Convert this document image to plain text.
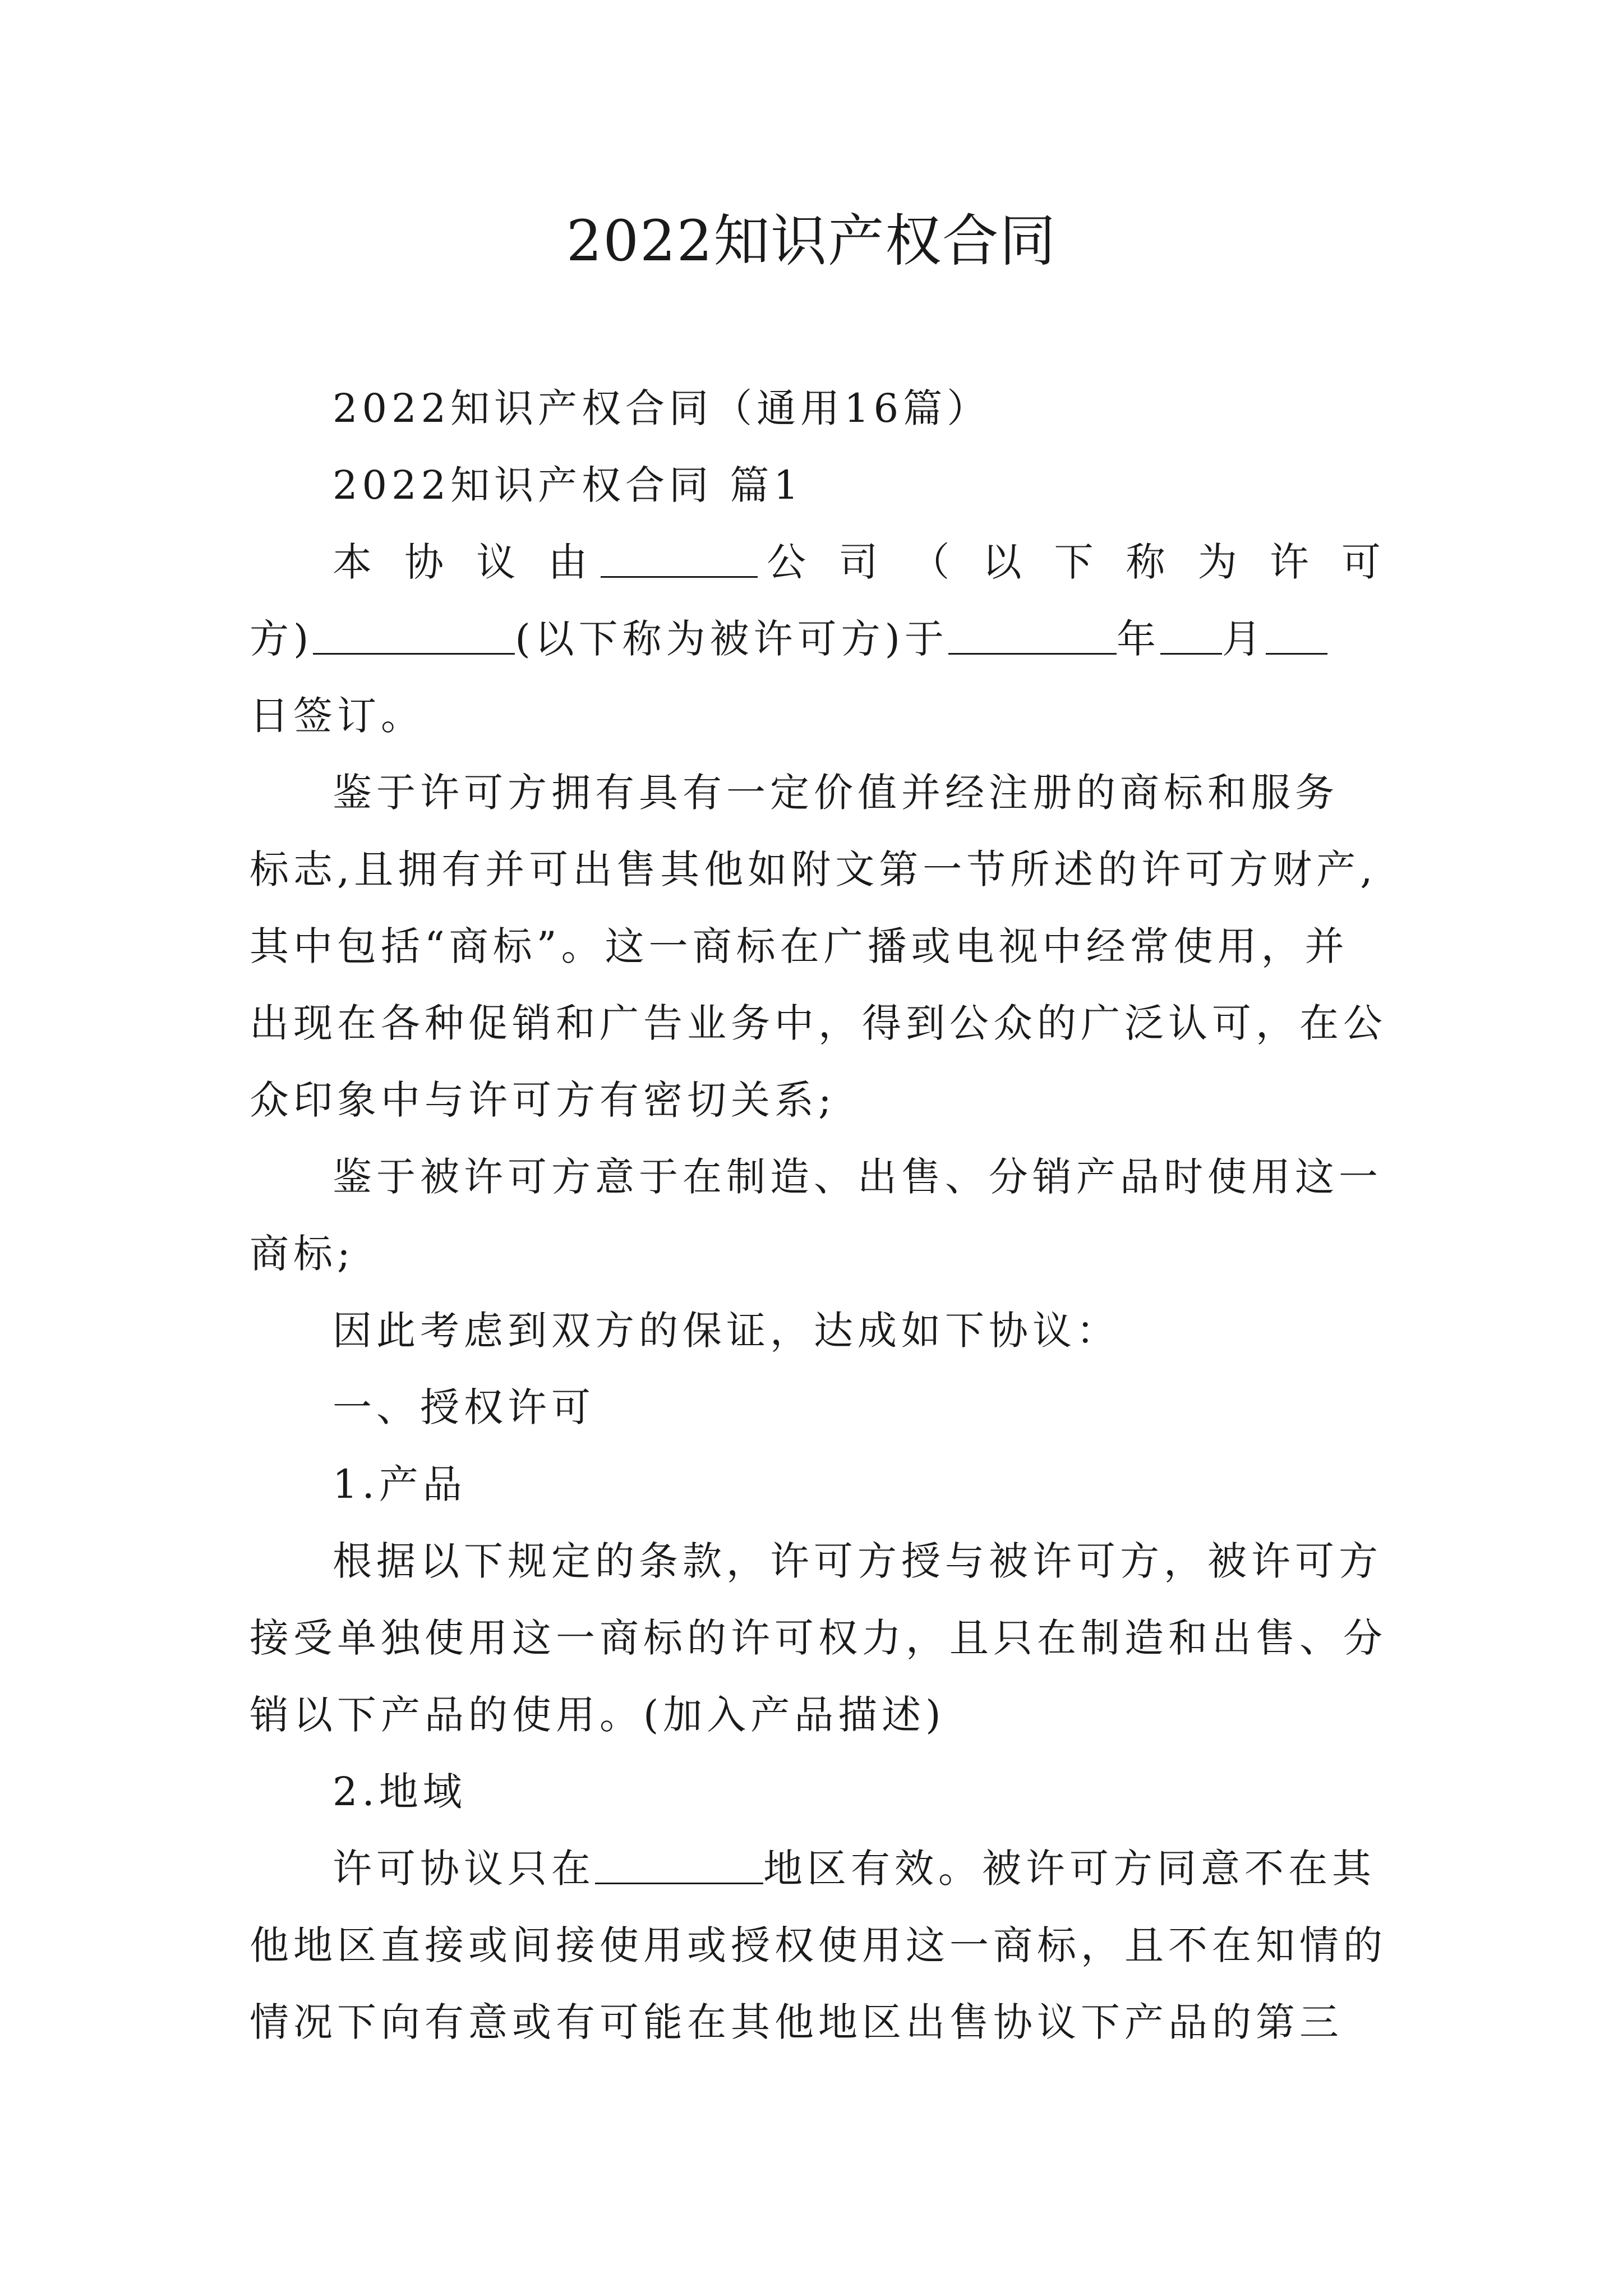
2022知识产权合同
2022知识产权合同（通用16篇）
2022知识产权合同 篇1
本 协 议 由	公 司 （ 以 下 称 为 许 可
方)	(以下称为被许可方)于	年 月
日签订。
鉴于许可方拥有具有一定价值并经注册的商标和服务
标志,且拥有并可出售其他如附文第一节所述的许可方财产,
其中包括“商标”。这一商标在广播或电视中经常使用，并
出现在各种促销和广告业务中，得到公众的广泛认可，在公
众印象中与许可方有密切关系;
鉴于被许可方意于在制造、出售、分销产品时使用这一
商标;
因此考虑到双方的保证，达成如下协议：
一、授权许可
1.产品
根据以下规定的条款，许可方授与被许可方，被许可方
接受单独使用这一商标的许可权力，且只在制造和出售、分
销以下产品的使用。(加入产品描述)
2.地域
许可协议只在	地区有效。被许可方同意不在其
他地区直接或间接使用或授权使用这一商标，且不在知情的
情况下向有意或有可能在其他地区出售协议下产品的第三
